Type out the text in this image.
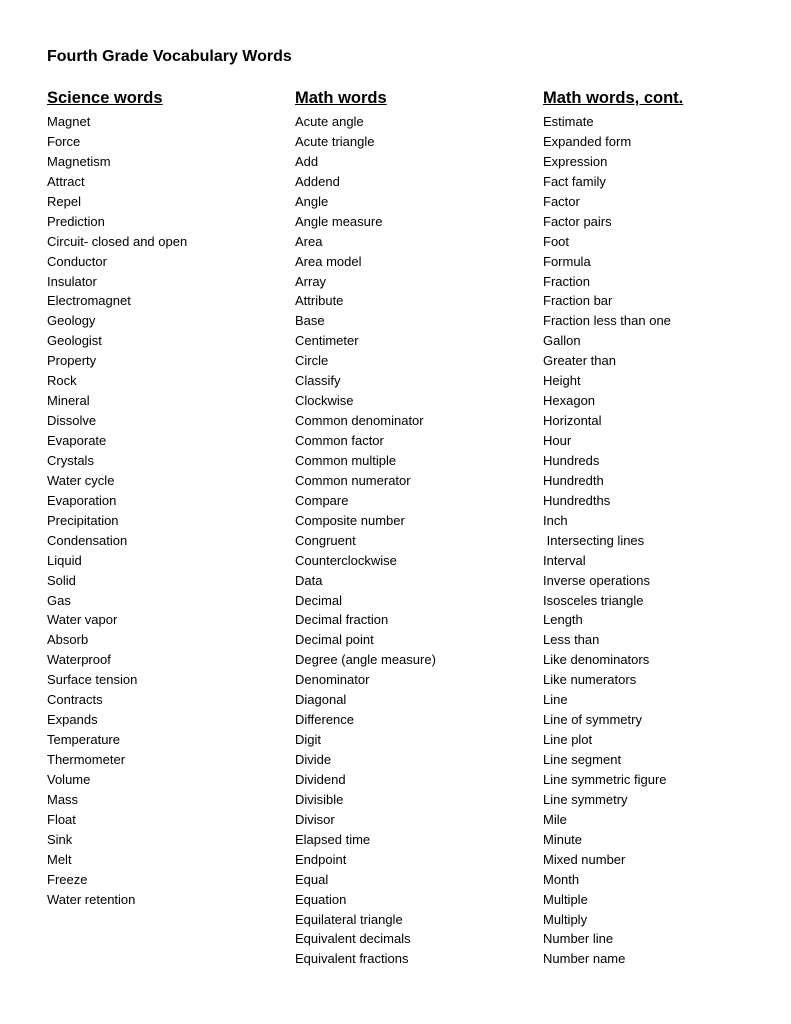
Fourth Grade Vocabulary Words
Science words
Magnet
Force
Magnetism
Attract
Repel
Prediction
Circuit- closed and open
Conductor
Insulator
Electromagnet
Geology
Geologist
Property
Rock
Mineral
Dissolve
Evaporate
Crystals
Water cycle
Evaporation
Precipitation
Condensation
Liquid
Solid
Gas
Water vapor
Absorb
Waterproof
Surface tension
Contracts
Expands
Temperature
Thermometer
Volume
Mass
Float
Sink
Melt
Freeze
Water retention
Math words
Acute angle
Acute triangle
Add
Addend
Angle
Angle measure
Area
Area model
Array
Attribute
Base
Centimeter
Circle
Classify
Clockwise
Common denominator
Common factor
Common multiple
Common numerator
Compare
Composite number
Congruent
Counterclockwise
Data
Decimal
Decimal fraction
Decimal point
Degree (angle measure)
Denominator
Diagonal
Difference
Digit
Divide
Dividend
Divisible
Divisor
Elapsed time
Endpoint
Equal
Equation
Equilateral triangle
Equivalent decimals
Equivalent fractions
Math words, cont.
Estimate
Expanded form
Expression
Fact family
Factor
Factor pairs
Foot
Formula
Fraction
Fraction bar
Fraction less than one
Gallon
Greater than
Height
Hexagon
Horizontal
Hour
Hundreds
Hundredth
Hundredths
Inch
Intersecting lines
Interval
Inverse operations
Isosceles triangle
Length
Less than
Like denominators
Like numerators
Line
Line of symmetry
Line plot
Line segment
Line symmetric figure
Line symmetry
Mile
Minute
Mixed number
Month
Multiple
Multiply
Number line
Number name
